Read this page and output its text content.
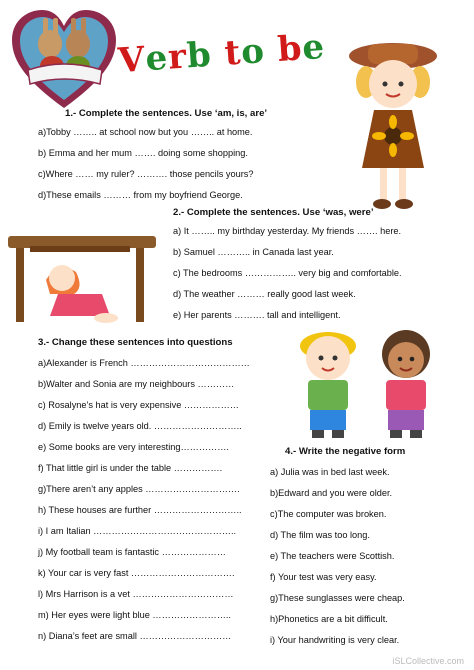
Verb to be
1.- Complete the sentences. Use ‘am, is, are’
a)Tobby …….. at school now but you …….. at home.
b) Emma and her mum ……. doing some shopping.
c)Where …… my ruler? ………. those pencils yours?
d)These emails ……… from my boyfriend George.
2.- Complete the sentences. Use ‘was, were’
a) It …….. my birthday yesterday. My friends ……. here.
b) Samuel ……….. in Canada last year.
c) The bedrooms …………….. very big and comfortable.
d) The weather ……… really good last week.
e) Her parents ………. tall and intelligent.
3.- Change these sentences into questions
a)Alexander is French …………………………………
b)Walter and Sonia are my neighbours …………
c) Rosalyne’s hat is very expensive ………………
d) Emily is twelve years old. ………………………..
e) Some books are very interesting…………….
f) That little girl is under the table …………….
g)There aren’t any apples ………………………….
h) These houses are further ………………………..
i) I am Italian ………………………………………..
j) My football team is fantastic …………………
k) Your car is very fast …………………………….
l) Mrs Harrison is a vet ……………………………
m) Her eyes were light blue ……………………..
n) Diana’s feet are small …………………………
4.- Write the negative form
a) Julia was in bed last week.
b)Edward and you were older.
c)The computer was broken.
d) The film was too long.
e) The teachers were Scottish.
f) Your test was very easy.
g)These sunglasses were cheap.
h)Phonetics are a bit difficult.
i) Your handwriting is very clear.
iSLCollective.com
